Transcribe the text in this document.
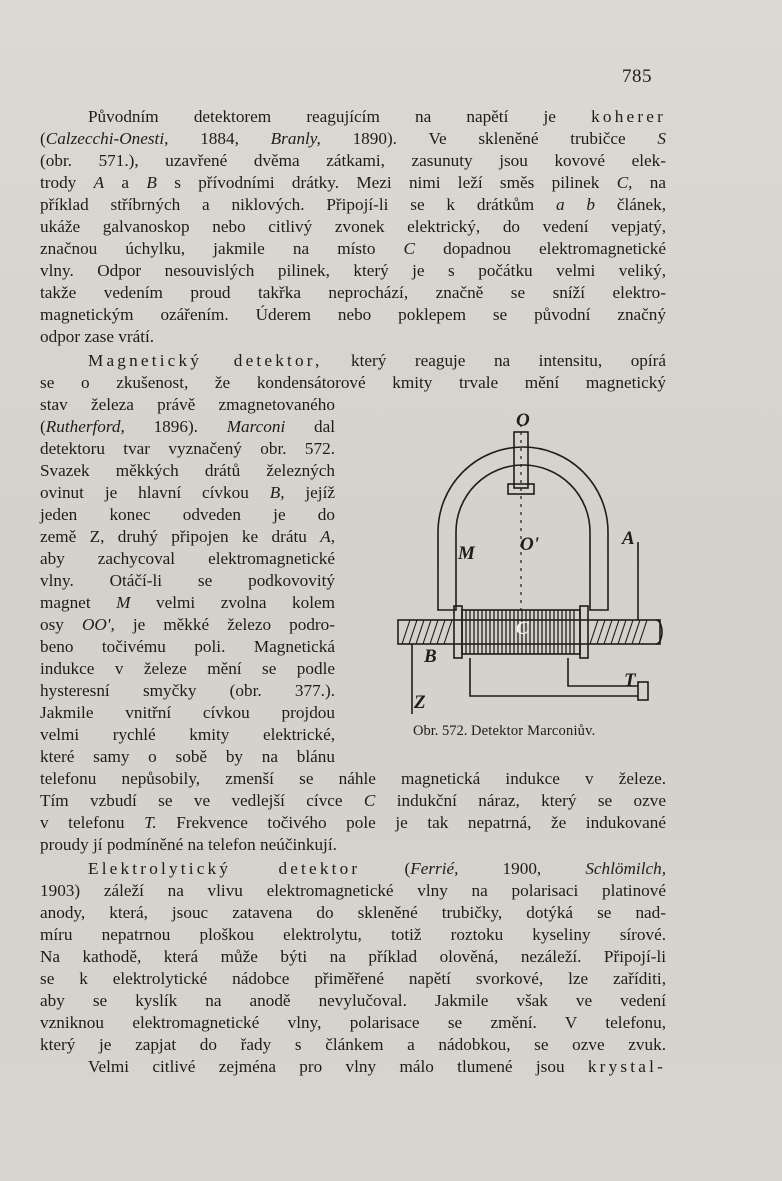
785
Původním detektorem reagujícím na napětí je koherer
(Calzecchi-Onesti, 1884, Branly, 1890). Ve skleněné trubičce S
(obr. 571.), uzavřené dvěma zátkami, zasunuty jsou kovové elek-
trody A a B s přívodními drátky. Mezi nimi leží směs pilinek C, na
příklad stříbrných a niklových. Připojí-li se k drátkům a b článek,
ukáže galvanoskop nebo citlivý zvonek elektrický, do vedení vepjatý,
značnou úchylku, jakmile na místo C dopadnou elektromagnetické
vlny. Odpor nesouvislých pilinek, který je s počátku velmi veliký,
takže vedením proud takřka neprochází, značně se sníží elektro-
magnetickým ozářením. Úderem nebo poklepem se původní značný
odpor zase vrátí.
Magnetický detektor, který reaguje na intensitu, opírá
se o zkušenost, že kondensátorové kmity trvale mění magnetický
stav železa právě zmagnetovaného
(Rutherford, 1896). Marconi dal
detektoru tvar vyznačený obr. 572.
Svazek měkkých drátů železných
ovinut je hlavní cívkou B, jejíž
jeden konec odveden je do
země Z, druhý připojen ke drátu A,
aby zachycoval elektromagnetické
vlny. Otáčí-li se podkovovitý
magnet M velmi zvolna kolem
osy OO', je měkké železo podro-
beno točivému poli. Magnetická
indukce v železe mění se podle
hysteresní smyčky (obr. 377.).
Jakmile vnitřní cívkou projdou
velmi rychlé kmity elektrické,
které samy o sobě by na blánu
telefonu nepůsobily, zmenší se náhle magnetická indukce v železe.
Tím vzbudí se ve vedlejší cívce C indukční náraz, který se ozve
v telefonu T. Frekvence točivého pole je tak nepatrná, že indukované
proudy jí podmíněné na telefon neúčinkují.
Elektrolytický detektor (Ferrié, 1900, Schlömilch,
1903) záleží na vlivu elektromagnetické vlny na polarisaci platinové
anody, která, jsouc zatavena do skleněné trubičky, dotýká se nad-
míru nepatrnou ploškou elektrolytu, totiž roztoku kyseliny sírové.
Na kathodě, která může býti na příklad olověná, nezáleží. Připojí-li
se k elektrolytické nádobce přiměřené napětí svorkové, lze zaříditi,
aby se kyslík na anodě nevylučoval. Jakmile však ve vedení
vzniknou elektromagnetické vlny, polarisace se změní. V telefonu,
který je zapjat do řady s článkem a nádobkou, se ozve zvuk.
Velmi citlivé zejména pro vlny málo tlumené jsou krystal-
O
O'
M
A
B
C
Z
T
Obr. 572. Detektor Marconiův.
